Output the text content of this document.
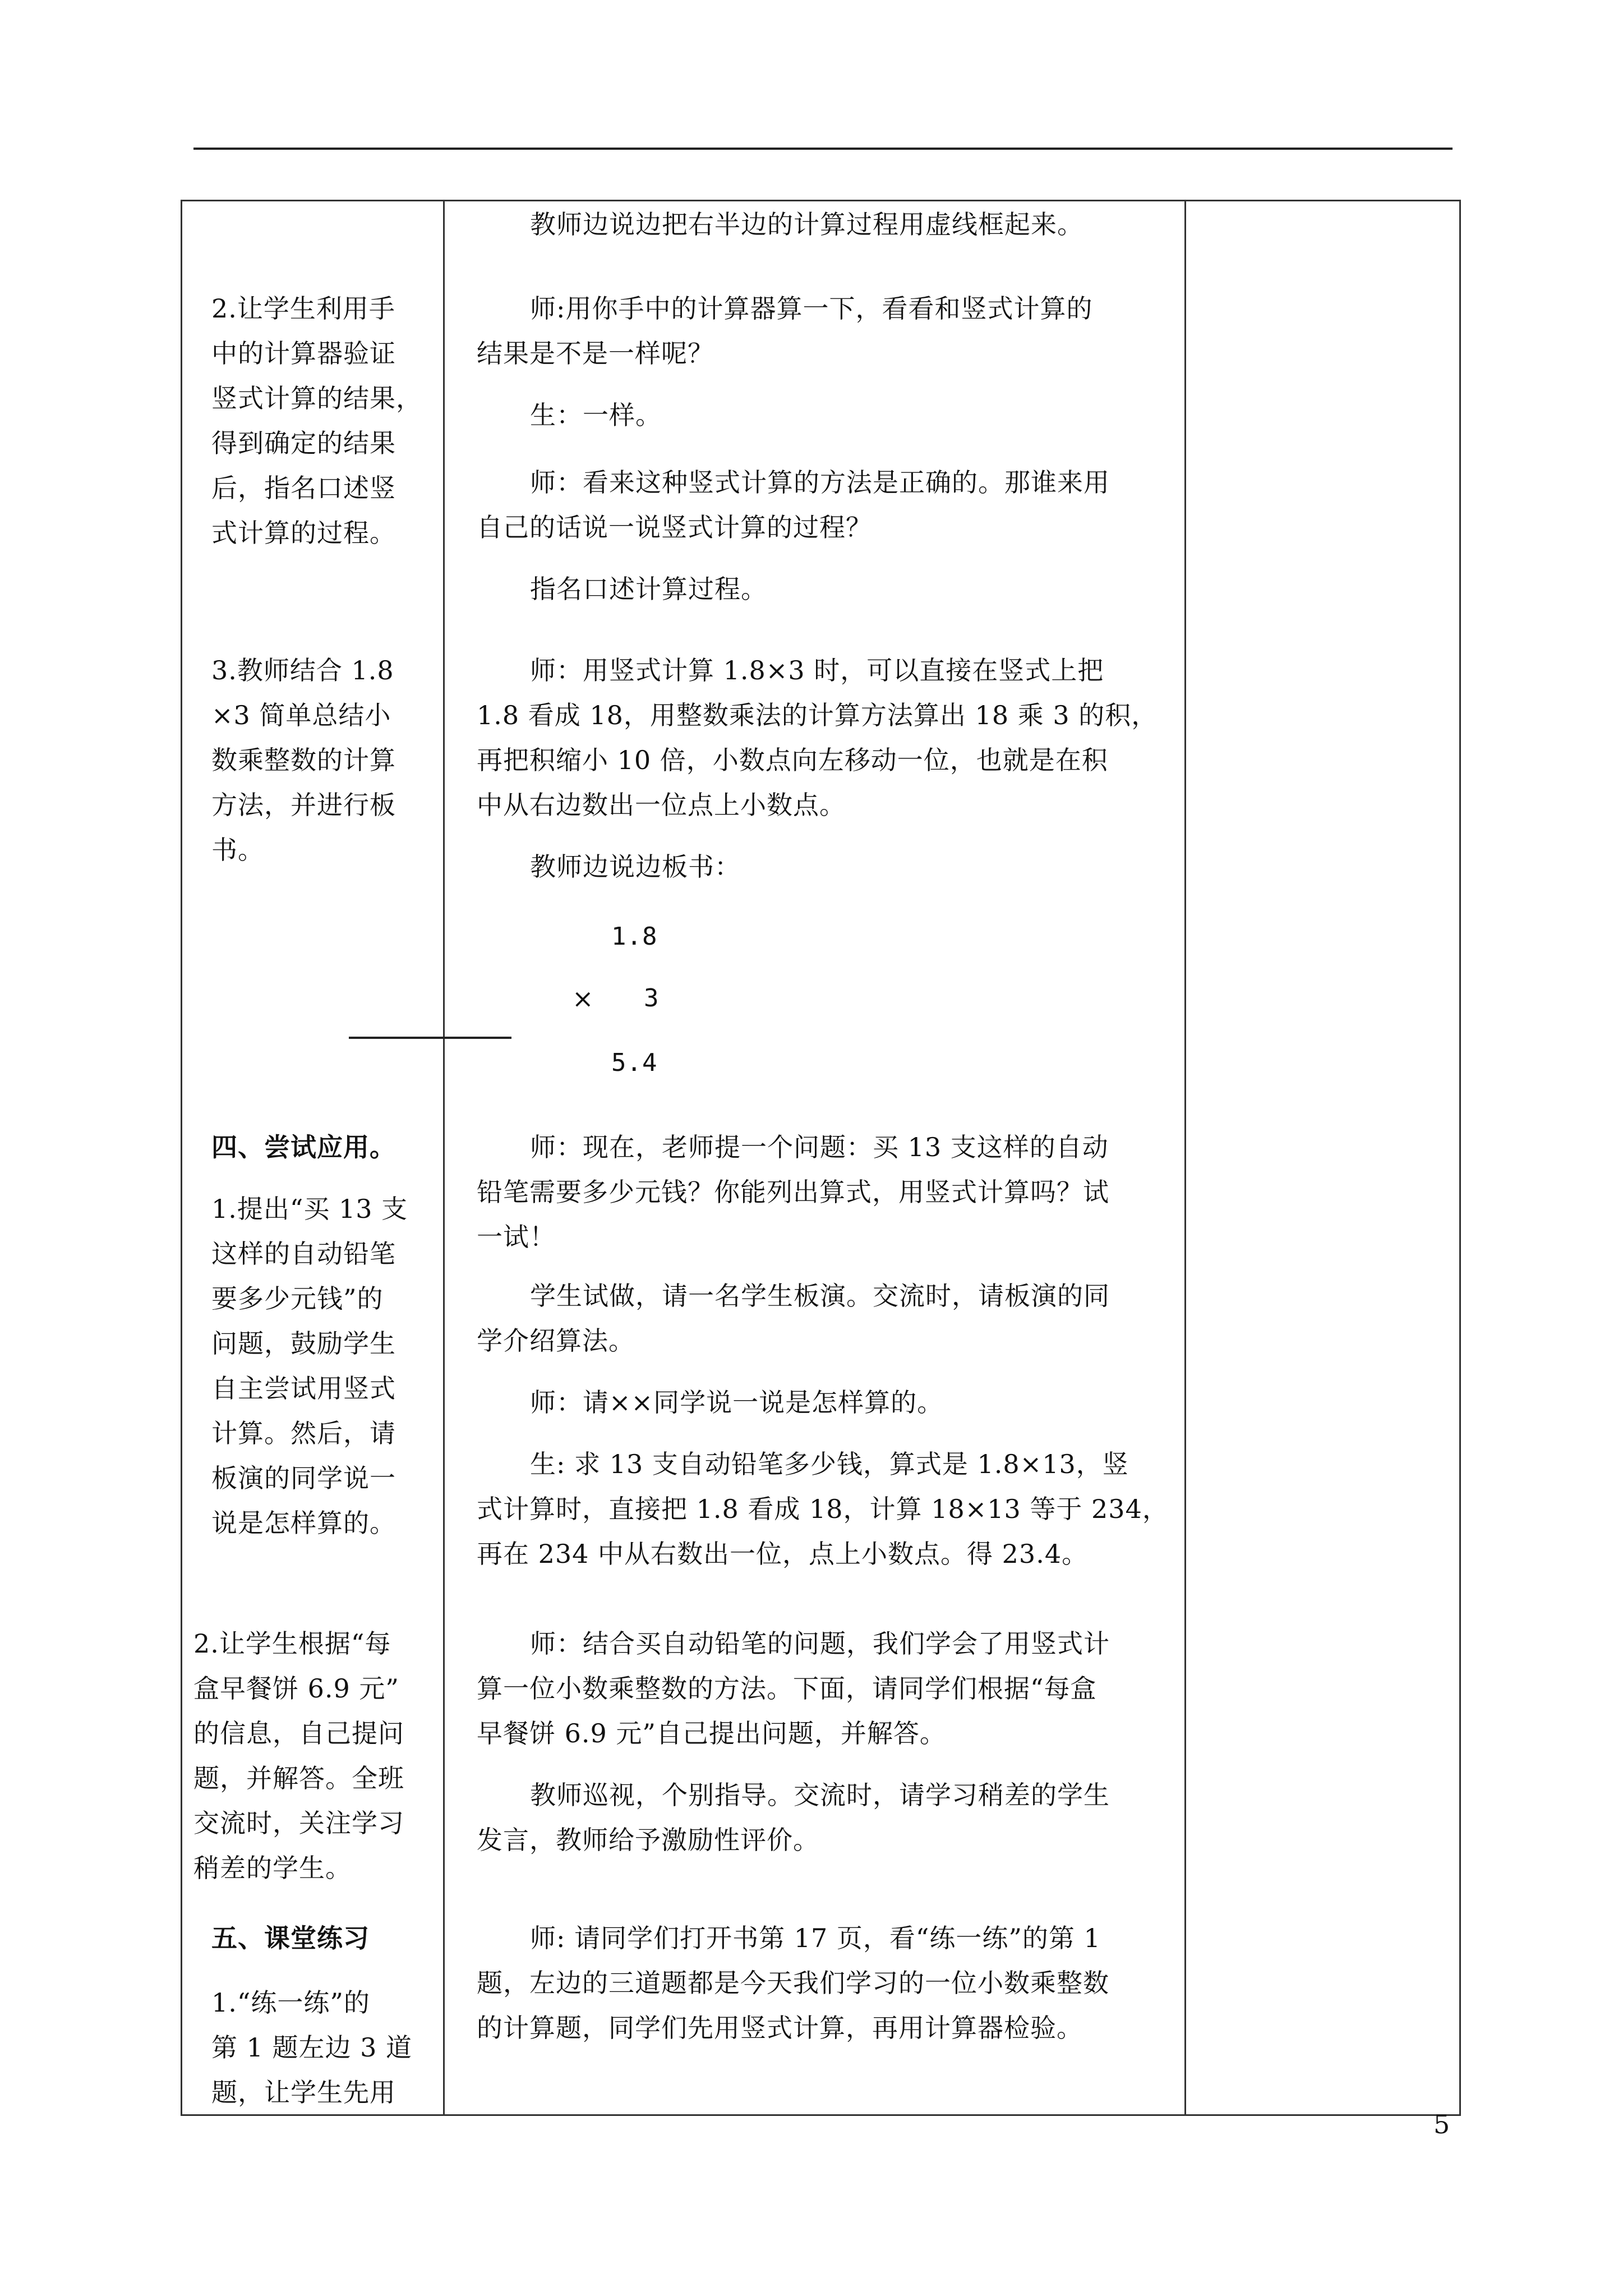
2.让学生利用手
中的计算器验证
竖式计算的结果，
得到确定的结果
后，指名口述竖
式计算的过程。
3.教师结合 1.8
×3 简单总结小
数乘整数的计算
方法，并进行板
书。
四、尝试应用。
1.提出“买 13 支
这样的自动铅笔
要多少元钱”的
问题，鼓励学生
自主尝试用竖式
计算。然后，请
板演的同学说一
说是怎样算的。
2.让学生根据“每
盒早餐饼 6.9 元”
的信息，自己提问
题，并解答。全班
交流时，关注学习
稍差的学生。
五、课堂练习
1.“练一练”的
第 1 题左边 3 道
题，让学生先用
教师边说边把右半边的计算过程用虚线框起来。
师:用你手中的计算器算一下，看看和竖式计算的
结果是不是一样呢？
生：一样。
师：看来这种竖式计算的方法是正确的。那谁来用
自己的话说一说竖式计算的过程？
指名口述计算过程。
师：用竖式计算 1.8×3 时，可以直接在竖式上把
1.8 看成 18，用整数乘法的计算方法算出 18 乘 3 的积，
再把积缩小 10 倍，小数点向左移动一位，也就是在积
中从右边数出一位点上小数点。
教师边说边板书：
1.8
× 3
5.4
师：现在，老师提一个问题：买 13 支这样的自动
铅笔需要多少元钱？你能列出算式，用竖式计算吗？试
一试！
学生试做，请一名学生板演。交流时，请板演的同
学介绍算法。
师：请××同学说一说是怎样算的。
生: 求 13 支自动铅笔多少钱，算式是 1.8×13，竖
式计算时，直接把 1.8 看成 18，计算 18×13 等于 234，
再在 234 中从右数出一位，点上小数点。得 23.4。
师：结合买自动铅笔的问题，我们学会了用竖式计
算一位小数乘整数的方法。下面，请同学们根据“每盒
早餐饼 6.9 元”自己提出问题，并解答。
教师巡视，个别指导。交流时，请学习稍差的学生
发言，教师给予激励性评价。
师: 请同学们打开书第 17 页，看“练一练”的第 1
题，左边的三道题都是今天我们学习的一位小数乘整数
的计算题，同学们先用竖式计算，再用计算器检验。
5
